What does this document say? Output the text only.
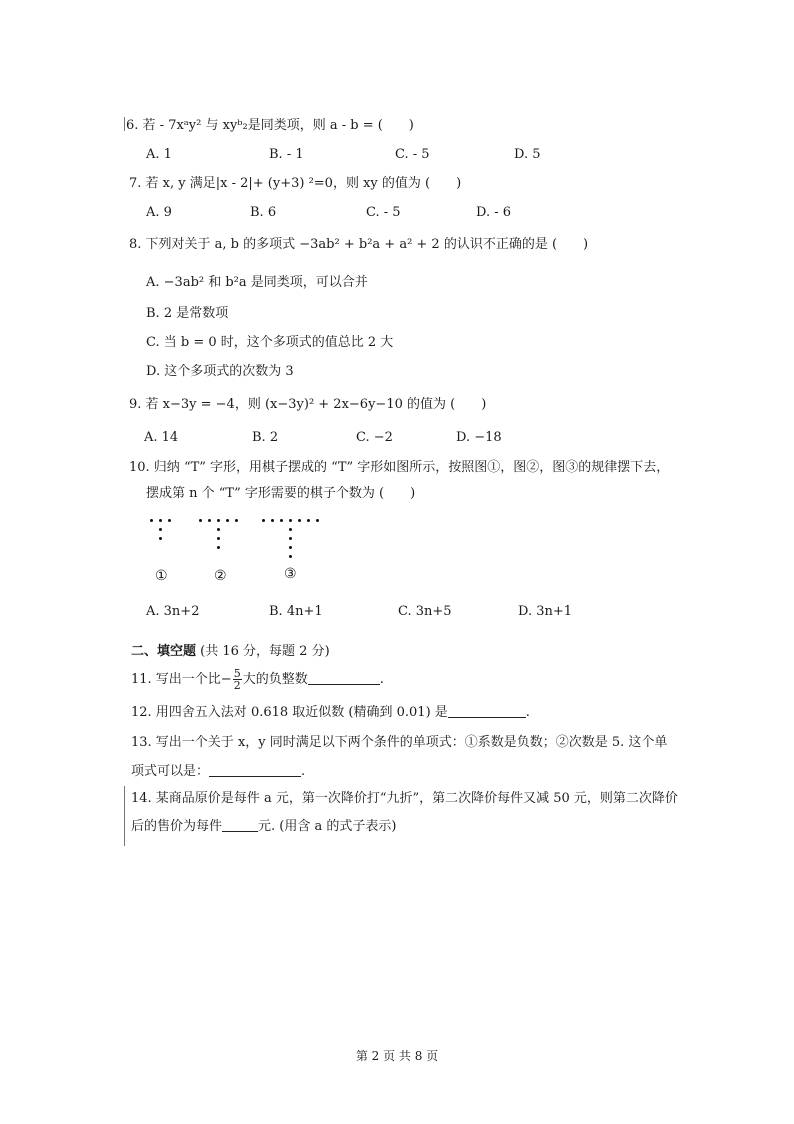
6. 若 - 7xᵃy² 与 xyᵇ₂是同类项，则 a - b = (　　)
A. 1	B. - 1	C. - 5	D. 5
7. 若 x, y 满足|x - 2|+ (y+3) ²=0，则 xy 的值为 (　　)
A. 9	B. 6	C. - 5	D. - 6
8. 下列对关于 a, b 的多项式 −3ab² + b²a + a² + 2 的认识不正确的是 (　　)
A. −3ab² 和 b²a 是同类项，可以合并
B. 2 是常数项
C. 当 b = 0 时，这个多项式的值总比 2 大
D. 这个多项式的次数为 3
9. 若 x−3y = −4，则 (x−3y)² + 2x−6y−10 的值为 (　　)
A. 14	B. 2	C. −2	D. −18
10. 归纳 “T” 字形，用棋子摆成的 “T” 字形如图所示，按照图①，图②，图③的规律摆下去，
摆成第 n 个 “T” 字形需要的棋子个数为 (　　)
①	②	③
A. 3n+2	B. 4n+1	C. 3n+5	D. 3n+1
二、填空题 (共 16 分，每题 2 分)
11. 写出一个比− $\frac{5}{2}$ 大的负整数	.
12. 用四舍五入法对 0.618 取近似数 (精确到 0.01) 是	.
13. 写出一个关于 x，y 同时满足以下两个条件的单项式：①系数是负数；②次数是 5. 这个单
项式可以是：	.
14. 某商品原价是每件 a 元，第一次降价打“九折”，第二次降价每件又减 50 元，则第二次降价
后的售价为每件	元. (用含 a 的式子表示)
第 2 页 共 8 页
